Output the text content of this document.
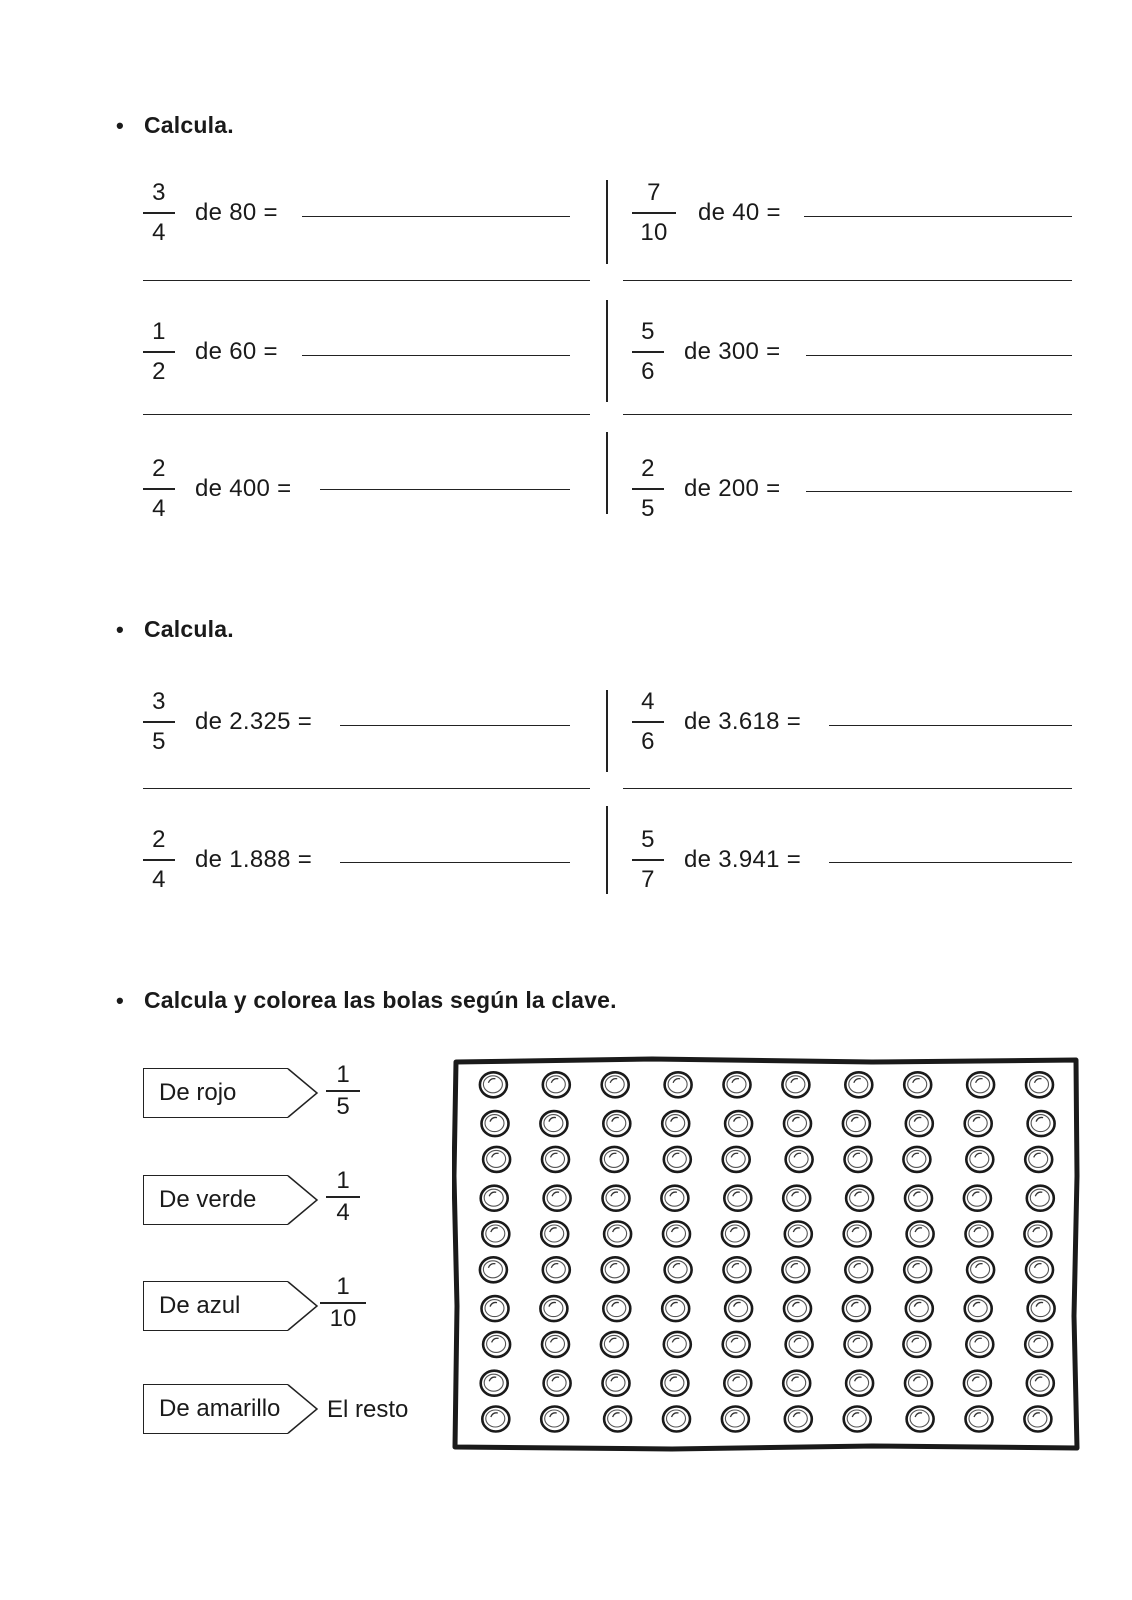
• Calcula.
3
4
de 80 =
7
10
de 40 =
1
2
de 60 =
5
6
de 300 =
2
4
de 400 =
2
5
de 200 =
• Calcula.
3
5
de 2.325 =
4
6
de 3.618 =
2
4
de 1.888 =
5
7
de 3.941 =
• Calcula y colorea las bolas según la clave.
De rojo
1
5
De verde
1
4
De azul
1
10
De amarillo	El resto
